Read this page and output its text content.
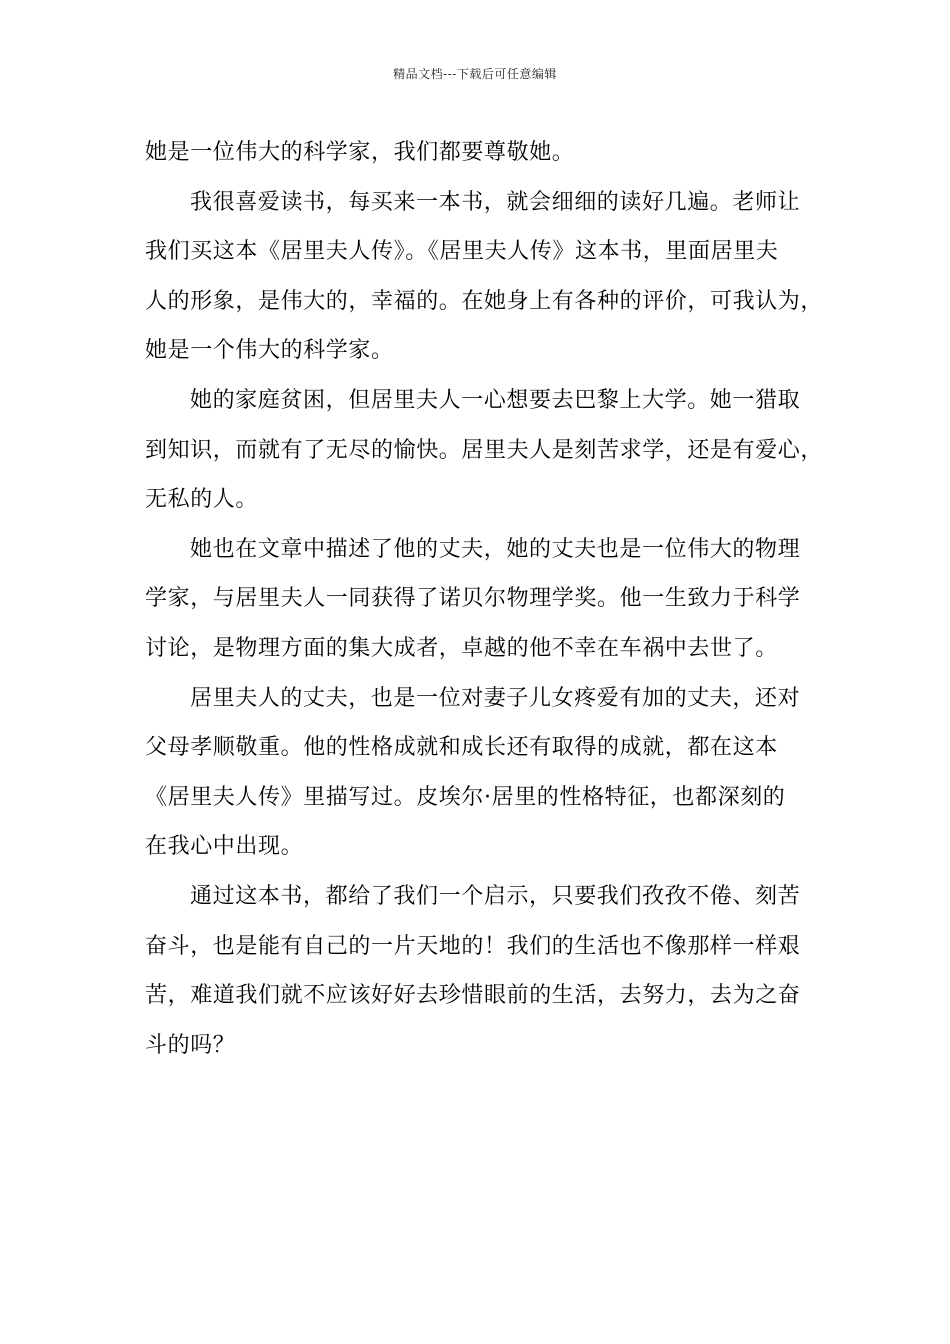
精品文档---下载后可任意编辑
她是一位伟大的科学家，我们都要尊敬她。
我很喜爱读书，每买来一本书，就会细细的读好几遍。老师让
我们买这本《居里夫人传》。《居里夫人传》这本书，里面居里夫
人的形象，是伟大的，幸福的。在她身上有各种的评价，可我认为，
她是一个伟大的科学家。
她的家庭贫困，但居里夫人一心想要去巴黎上大学。她一猎取
到知识，而就有了无尽的愉快。居里夫人是刻苦求学，还是有爱心，
无私的人。
她也在文章中描述了他的丈夫，她的丈夫也是一位伟大的物理
学家，与居里夫人一同获得了诺贝尔物理学奖。他一生致力于科学
讨论，是物理方面的集大成者，卓越的他不幸在车祸中去世了。
居里夫人的丈夫，也是一位对妻子儿女疼爱有加的丈夫，还对
父母孝顺敬重。他的性格成就和成长还有取得的成就，都在这本
《居里夫人传》里描写过。皮埃尔·居里的性格特征，也都深刻的
在我心中出现。
通过这本书，都给了我们一个启示，只要我们孜孜不倦、刻苦
奋斗，也是能有自己的一片天地的！我们的生活也不像那样一样艰
苦，难道我们就不应该好好去珍惜眼前的生活，去努力，去为之奋
斗的吗？
